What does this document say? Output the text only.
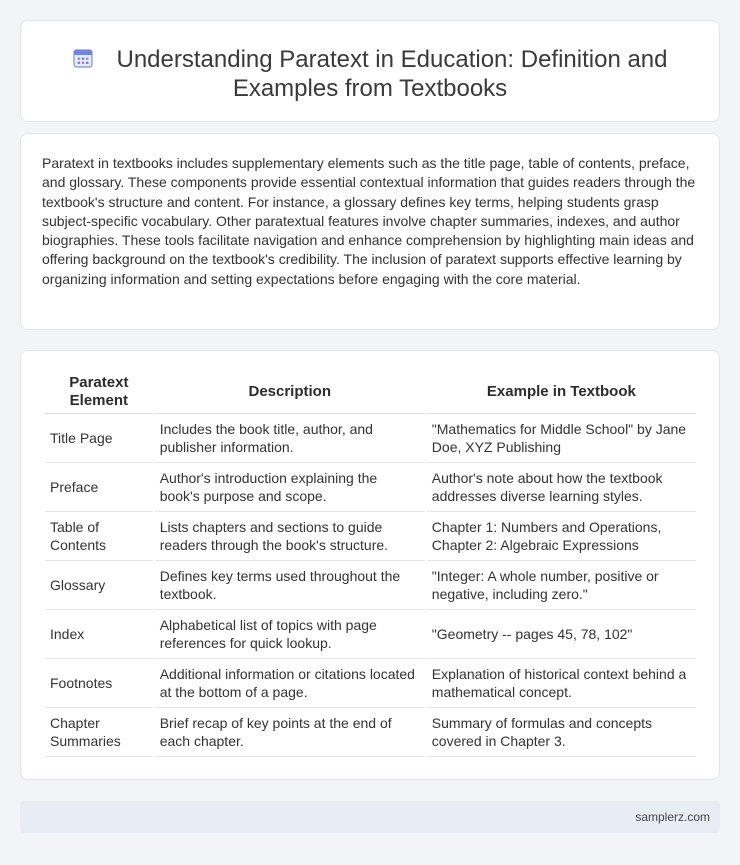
Understanding Paratext in Education: Definition and Examples from Textbooks

Paratext in textbooks includes supplementary elements such as the title page, table of contents, preface, and glossary. These components provide essential contextual information that guides readers through the textbook's structure and content. For instance, a glossary defines key terms, helping students grasp subject-specific vocabulary. Other paratextual features involve chapter summaries, indexes, and author biographies. These tools facilitate navigation and enhance comprehension by highlighting main ideas and offering background on the textbook's credibility. The inclusion of paratext supports effective learning by organizing information and setting expectations before engaging with the core material.

Paratext Element	Description	Example in Textbook
Title Page	Includes the book title, author, and publisher information.	"Mathematics for Middle School" by Jane Doe, XYZ Publishing
Preface	Author's introduction explaining the book's purpose and scope.	Author's note about how the textbook addresses diverse learning styles.
Table of Contents	Lists chapters and sections to guide readers through the book's structure.	Chapter 1: Numbers and Operations, Chapter 2: Algebraic Expressions
Glossary	Defines key terms used throughout the textbook.	"Integer: A whole number, positive or negative, including zero."
Index	Alphabetical list of topics with page references for quick lookup.	"Geometry -- pages 45, 78, 102"
Footnotes	Additional information or citations located at the bottom of a page.	Explanation of historical context behind a mathematical concept.
Chapter Summaries	Brief recap of key points at the end of each chapter.	Summary of formulas and concepts covered in Chapter 3.
samplerz.com
